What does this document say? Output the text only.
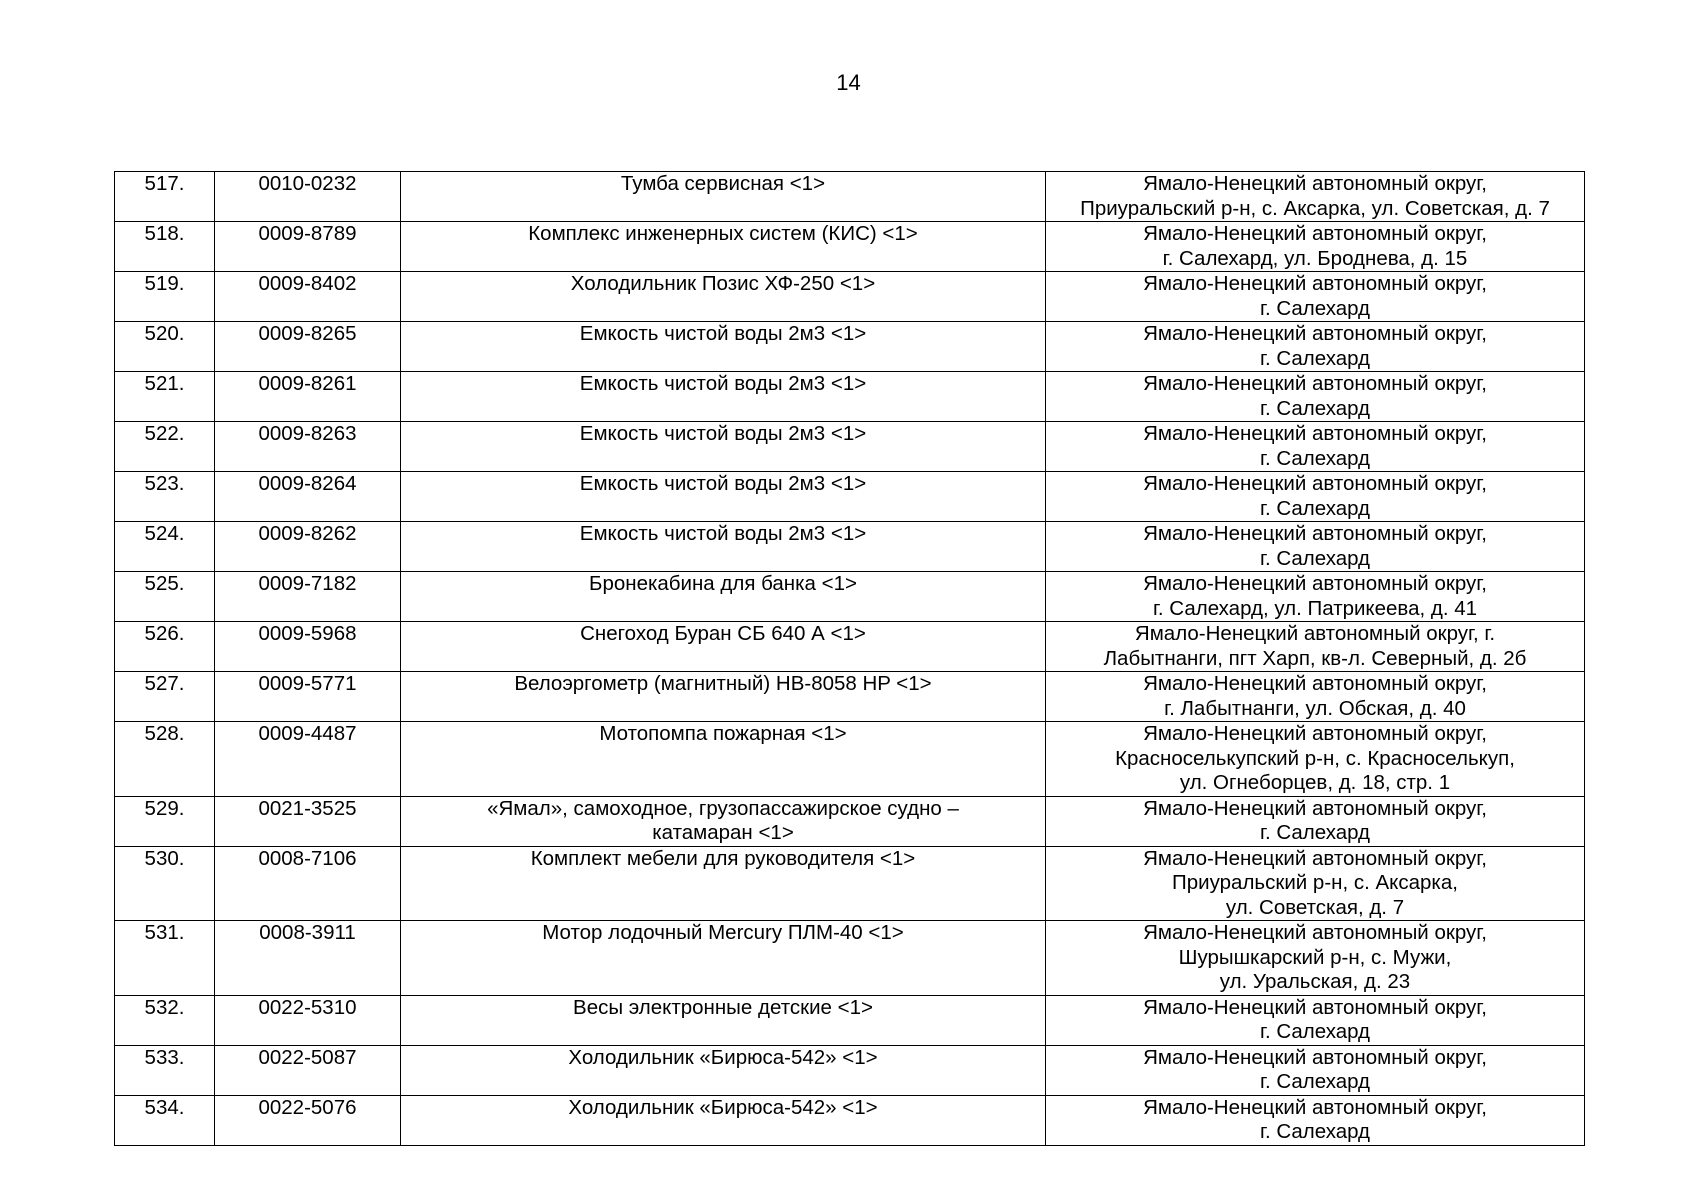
14
517.	0010-0232	Тумба сервисная <1>	Ямало-Ненецкий автономный округ,
Приуральский р-н, с. Аксарка, ул. Советская, д. 7

518.	0009-8789	Комплекс инженерных систем (КИС) <1>	Ямало-Ненецкий автономный округ,
г. Салехард, ул. Броднева, д. 15

519.	0009-8402	Холодильник Позис ХФ-250 <1>	Ямало-Ненецкий автономный округ,
г. Салехард

520.	0009-8265	Емкость чистой воды 2м3 <1>	Ямало-Ненецкий автономный округ,
г. Салехард

521.	0009-8261	Емкость чистой воды 2м3 <1>	Ямало-Ненецкий автономный округ,
г. Салехард

522.	0009-8263	Емкость чистой воды 2м3 <1>	Ямало-Ненецкий автономный округ,
г. Салехард

523.	0009-8264	Емкость чистой воды 2м3 <1>	Ямало-Ненецкий автономный округ,
г. Салехард

524.	0009-8262	Емкость чистой воды 2м3 <1>	Ямало-Ненецкий автономный округ,
г. Салехард

525.	0009-7182	Бронекабина для банка <1>	Ямало-Ненецкий автономный округ,
г. Салехард, ул. Патрикеева, д. 41

526.	0009-5968	Снегоход Буран СБ 640 А <1>	Ямало-Ненецкий автономный округ, г.
Лабытнанги, пгт Харп, кв-л. Северный, д. 2б

527.	0009-5771	Велоэргометр (магнитный) HB-8058 HP <1>	Ямало-Ненецкий автономный округ,
г. Лабытнанги, ул. Обская, д. 40

528.	0009-4487	Мотопомпа пожарная <1>	Ямало-Ненецкий автономный округ,
Красноселькупский р-н, с. Красноселькуп,
ул. Огнеборцев, д. 18, стр. 1

529.	0021-3525	«Ямал», самоходное, грузопассажирское судно –
катамаран <1>	Ямало-Ненецкий автономный округ,
г. Салехард

530.	0008-7106	Комплект мебели для руководителя <1>	Ямало-Ненецкий автономный округ,
Приуральский р-н, с. Аксарка,
ул. Советская, д. 7

531.	0008-3911	Мотор лодочный Mercury ПЛМ-40 <1>	Ямало-Ненецкий автономный округ,
Шурышкарский р-н, с. Мужи,
ул. Уральская, д. 23

532.	0022-5310	Весы электронные детские <1>	Ямало-Ненецкий автономный округ,
г. Салехард

533.	0022-5087	Холодильник «Бирюса-542» <1>	Ямало-Ненецкий автономный округ,
г. Салехард

534.	0022-5076	Холодильник «Бирюса-542» <1>	Ямало-Ненецкий автономный округ,
г. Салехард
